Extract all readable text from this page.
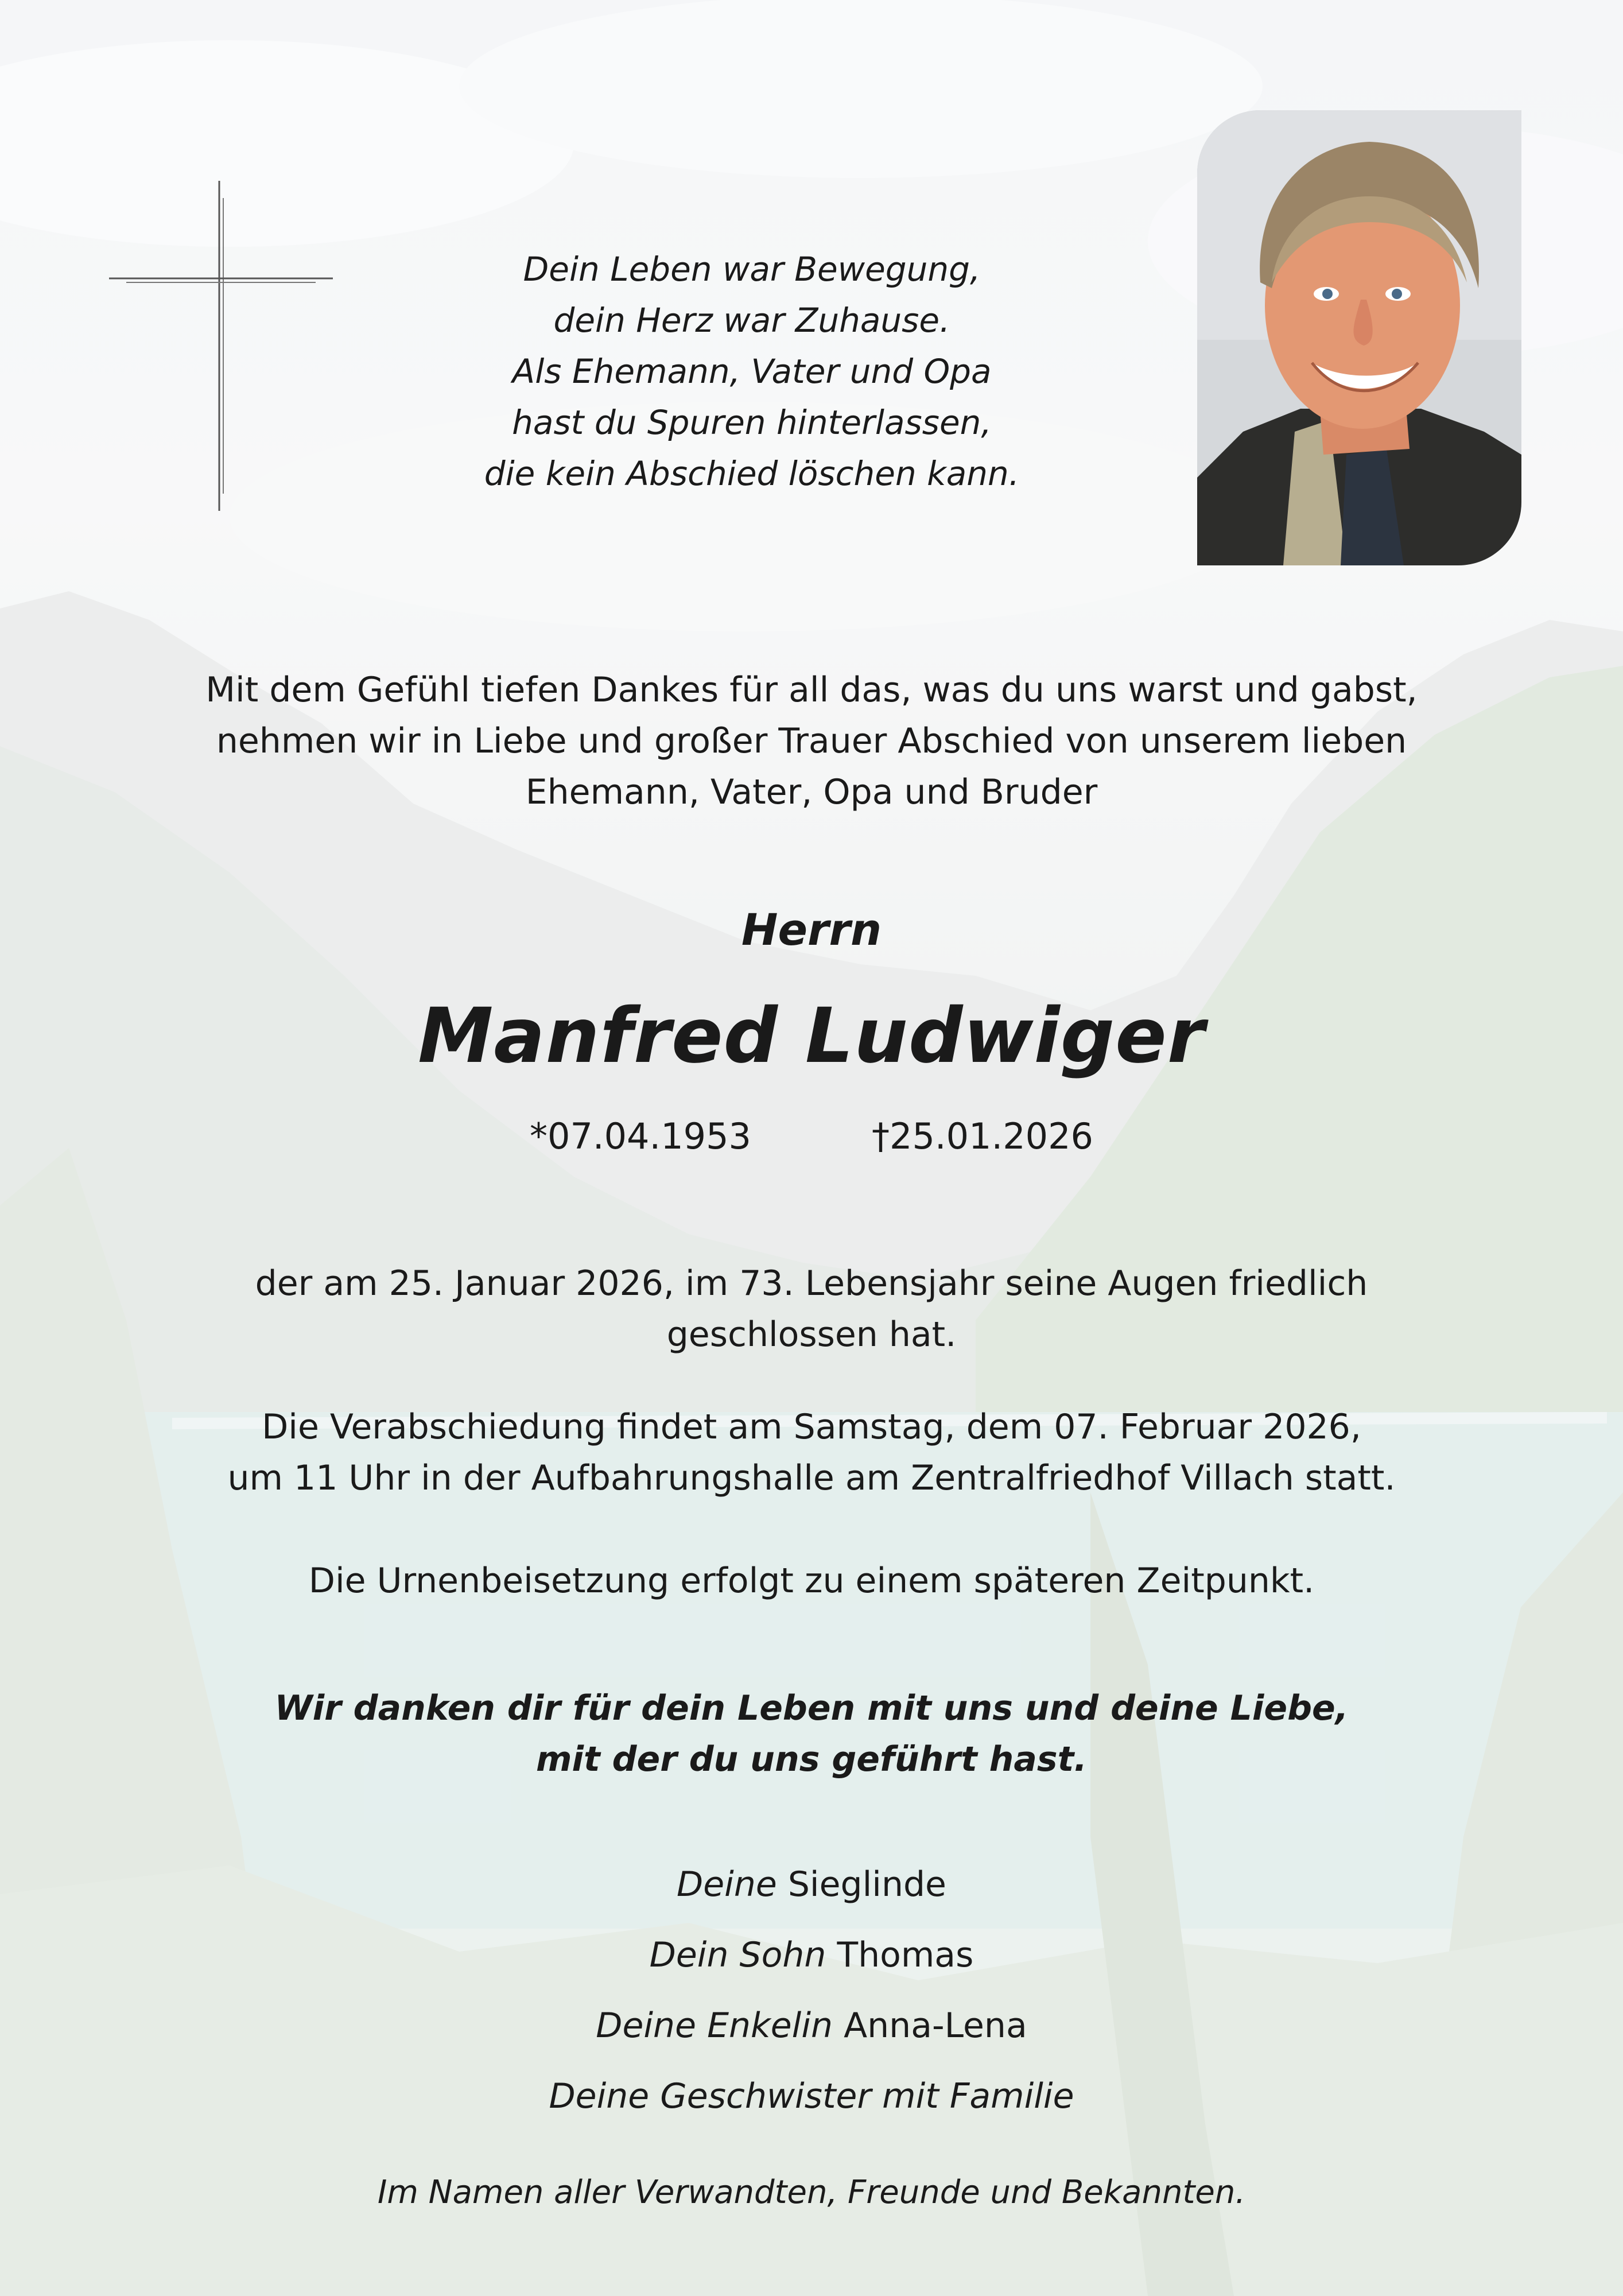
Dein Leben war Bewegung,

dein Herz war Zuhause.

Als Ehemann, Vater und Opa

hast du Spuren hinterlassen,

die kein Abschied löschen kann.

Mit dem Gefühl tiefen Dankes für all das, was du uns warst und gabst,

nehmen wir in Liebe und großer Trauer Abschied von unserem lieben

Ehemann, Vater, Opa und Bruder

Herrn
Manfred Ludwiger
*07.04.1953	†25.01.2026

der am 25. Januar 2026, im 73. Lebensjahr seine Augen friedlich

geschlossen hat.

Die Verabschiedung findet am Samstag, dem 07. Februar 2026,

um 11 Uhr in der Aufbahrungshalle am Zentralfriedhof Villach statt.

Die Urnenbeisetzung erfolgt zu einem späteren Zeitpunkt.

Wir danken dir für dein Leben mit uns und deine Liebe,

mit der du uns geführt hast.

Deine Sieglinde

Dein Sohn Thomas

Deine Enkelin Anna-Lena

Deine Geschwister mit Familie

Im Namen aller Verwandten, Freunde und Bekannten.
